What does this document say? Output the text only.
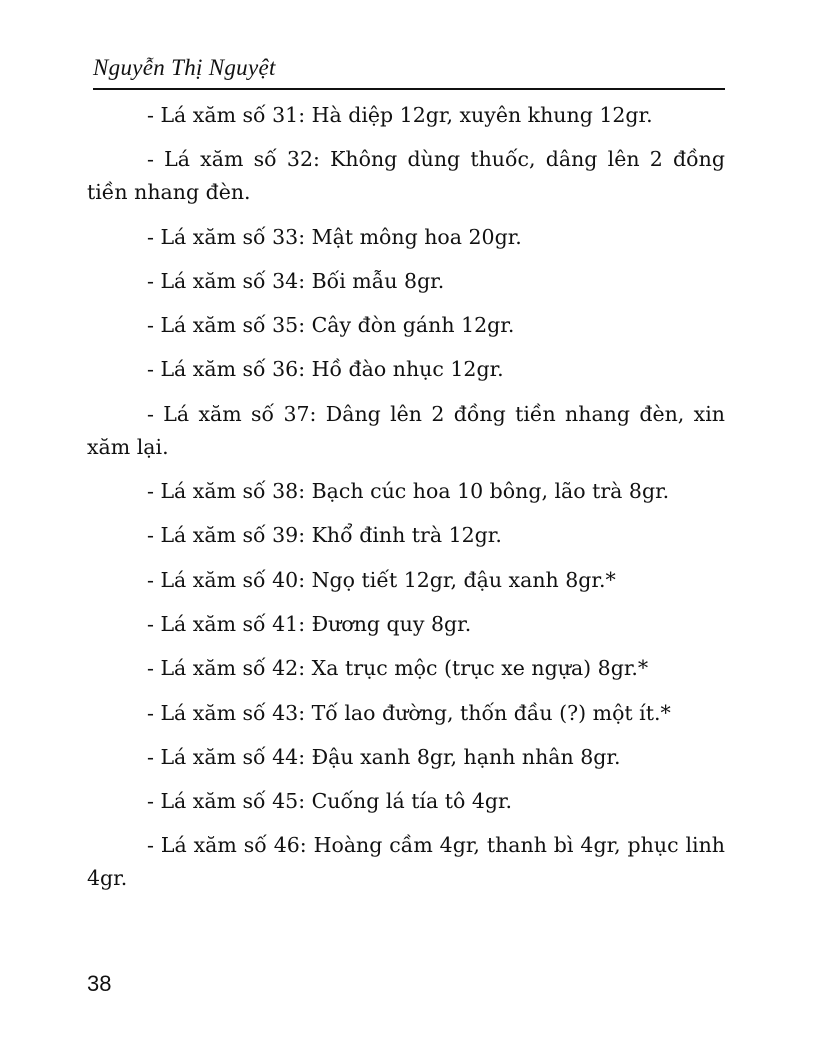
Nguyễn Thị Nguyệt

- Lá xăm số 31: Hà diệp 12gr, xuyên khung 12gr.

- Lá xăm số 32: Không dùng thuốc, dâng lên 2 đồng tiền nhang đèn.

- Lá xăm số 33: Mật mông hoa 20gr.

- Lá xăm số 34: Bối mẫu 8gr.

- Lá xăm số 35: Cây đòn gánh 12gr.

- Lá xăm số 36: Hồ đào nhục 12gr.

- Lá xăm số 37: Dâng lên 2 đồng tiền nhang đèn, xin xăm lại.

- Lá xăm số 38: Bạch cúc hoa 10 bông, lão trà 8gr.

- Lá xăm số 39: Khổ đinh trà 12gr.

- Lá xăm số 40: Ngọ tiết 12gr, đậu xanh 8gr.*

- Lá xăm số 41: Đương quy 8gr.

- Lá xăm số 42: Xa trục mộc (trục xe ngựa) 8gr.*

- Lá xăm số 43: Tố lao đường, thốn đầu (?) một ít.*

- Lá xăm số 44: Đậu xanh 8gr, hạnh nhân 8gr.

- Lá xăm số 45: Cuống lá tía tô 4gr.

- Lá xăm số 46: Hoàng cầm 4gr, thanh bì 4gr, phục linh 4gr.

38
